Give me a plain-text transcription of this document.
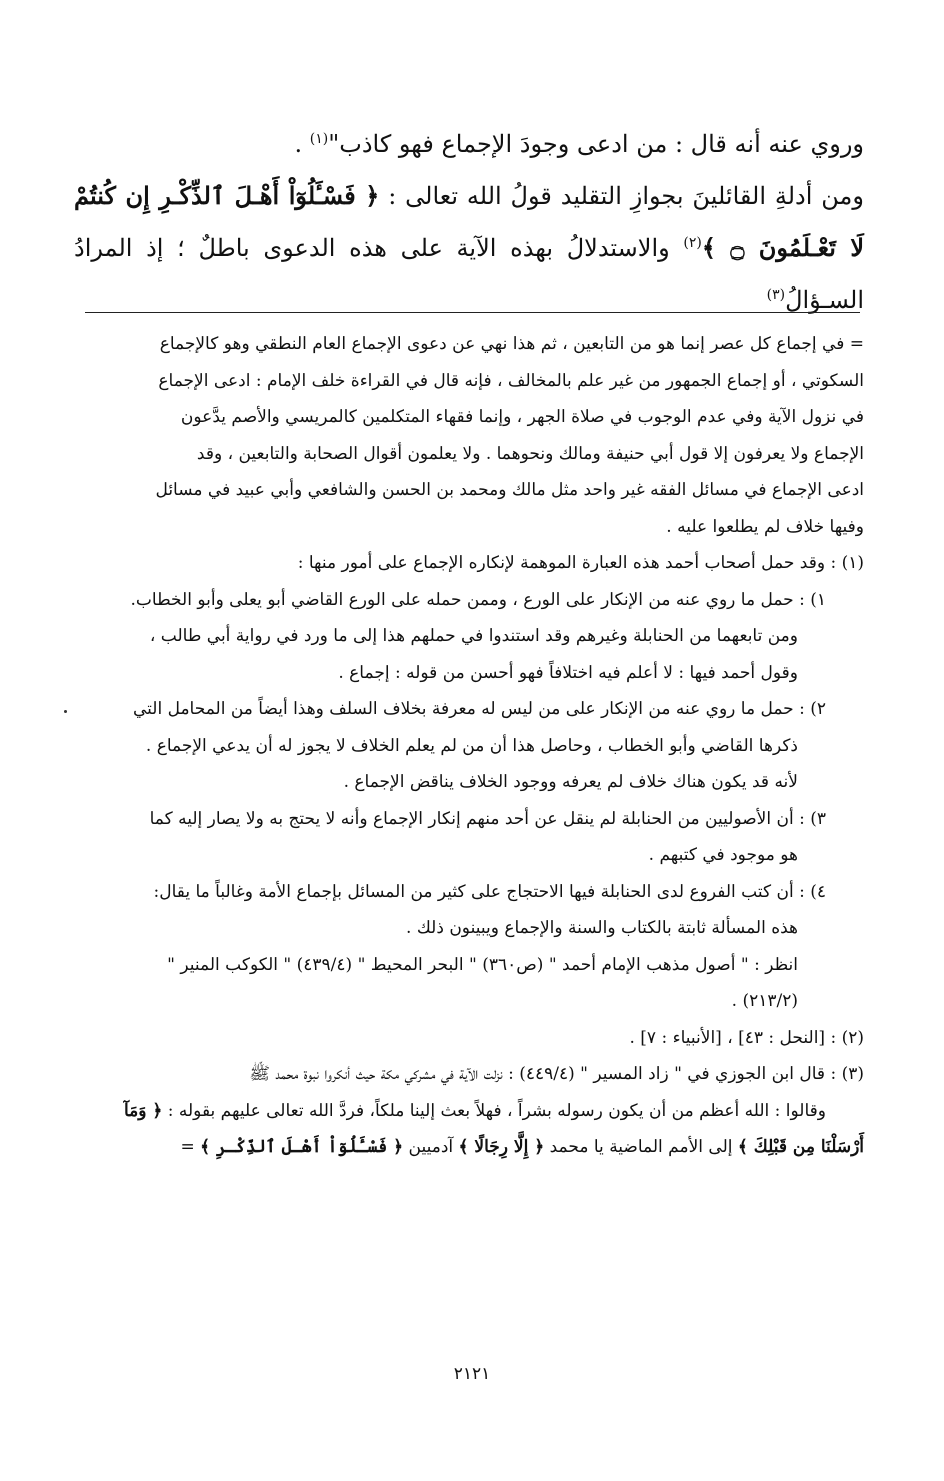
وروي عنه أنه قال : من ادعى وجودَ الإجماع فهو كاذب"$^{(١)}$ .

ومن أدلةِ القائلينَ بجوازِ التقليد قولُ الله تعالى : ﴿ فَسْـَٔلُوٓاْ أَهْـلَ ٱلذِّكْـرِ إِن كُنتُمْ لَا تَعْـلَمُونَ ۝ ﴾$^{(٢)}$ والاستدلالُ بهذه الآية على هذه الدعوى باطلٌ ؛ إذ المرادُ السـؤالُ$^{(٣)}$

= في إجماع كل عصر إنما هو من التابعين ، ثم هذا نهي عن دعوى الإجماع العام النطقي وهو كالإجماع

السكوتي ، أو إجماع الجمهور من غير علم بالمخالف ، فإنه قال في القراءة خلف الإمام : ادعى الإجماع

في نزول الآية وفي عدم الوجوب في صلاة الجهر ، وإنما فقهاء المتكلمين كالمريسي والأصم يدَّعون

الإجماع ولا يعرفون إلا قول أبي حنيفة ومالك ونحوهما . ولا يعلمون أقوال الصحابة والتابعين ، وقد

ادعى الإجماع في مسائل الفقه غير واحد مثل مالك ومحمد بن الحسن والشافعي وأبي عبيد في مسائل

وفيها خلاف لم يطلعوا عليه .

(١) : وقد حمل أصحاب أحمد هذه العبارة الموهمة لإنكاره الإجماع على أمور منها :

١) : حمل ما روي عنه من الإنكار على الورع ، وممن حمله على الورع القاضي أبو يعلى وأبو الخطاب.

ومن تابعهما من الحنابلة وغيرهم وقد استندوا في حملهم هذا إلى ما ورد في رواية أبي طالب ،

وقول أحمد فيها : لا أعلم فيه اختلافاً فهو أحسن من قوله : إجماع .

٢) : حمل ما روي عنه من الإنكار على من ليس له معرفة بخلاف السلف وهذا أيضاً من المحامل التي

ذكرها القاضي وأبو الخطاب ، وحاصل هذا أن من لم يعلم الخلاف لا يجوز له أن يدعي الإجماع .

لأنه قد يكون هناك خلاف لم يعرفه ووجود الخلاف يناقض الإجماع .

٣) : أن الأصوليين من الحنابلة لم ينقل عن أحد منهم إنكار الإجماع وأنه لا يحتج به ولا يصار إليه كما

هو موجود في كتبهم .

٤) : أن كتب الفروع لدى الحنابلة فيها الاحتجاج على كثير من المسائل بإجماع الأمة وغالباً ما يقال:

هذه المسألة ثابتة بالكتاب والسنة والإجماع ويبينون ذلك .

انظر : " أصول مذهب الإمام أحمد " (ص٣٦٠) " البحر المحيط " (٤٣٩/٤) " الكوكب المنير "

(٢١٣/٢) .

(٢) : [النحل : ٤٣] ، [الأنبياء : ٧] .

(٣) : قال ابن الجوزي في " زاد المسير " (٤٤٩/٤) : نزلت الآية في مشركي مكة حيث أنكروا نبوة محمد ﷺ

وقالوا : الله أعظم من أن يكون رسوله بشراً ، فهلاً بعث إلينا ملكاً، فردَّ الله تعالى عليهم بقوله : ﴿ وَمَآ

أَرْسَلْنَا مِن قَبْلِكَ ﴾ إلى الأمم الماضية يا محمد ﴿ إِلَّا رِجَالًا ﴾ آدميين ﴿ فَسْـَٔلُوٓاْ أَهْـلَ ٱلذِّكْـرِ ﴾ =

٢١٢١
